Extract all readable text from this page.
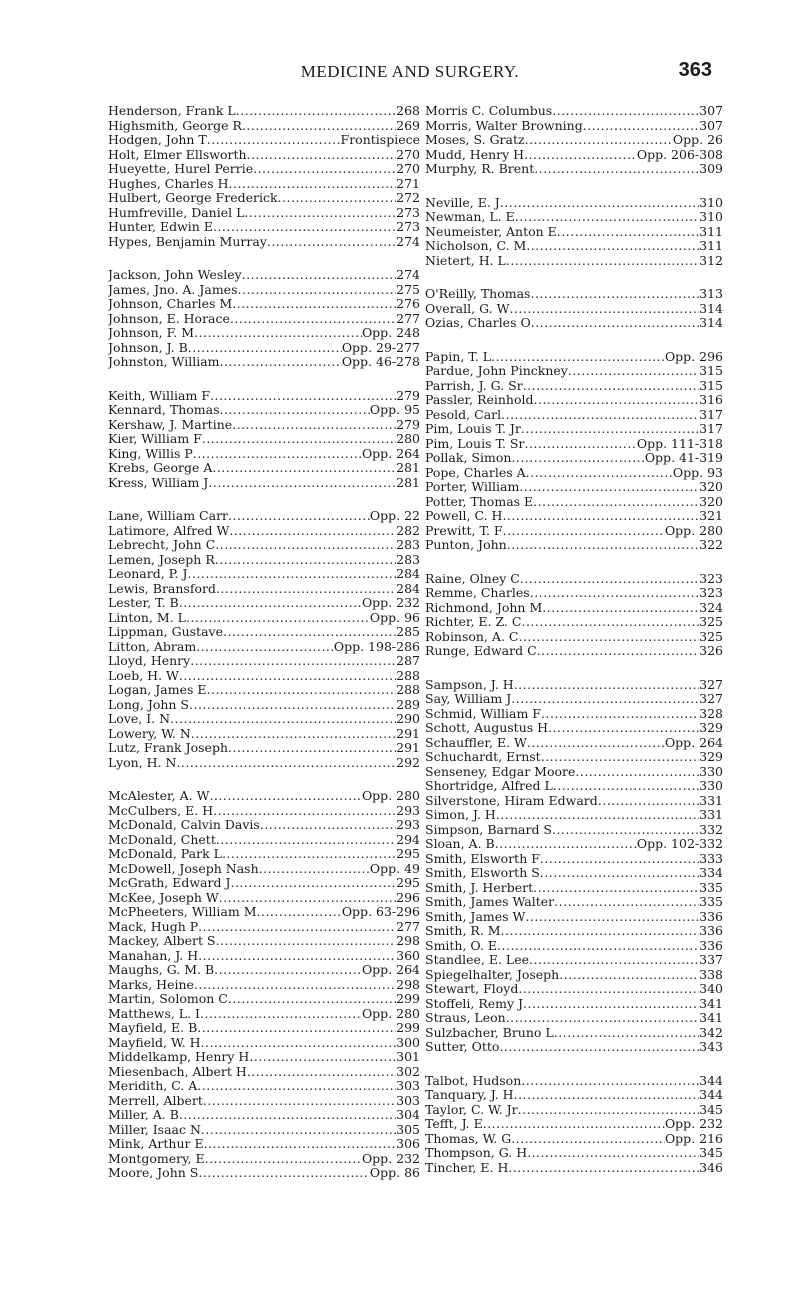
MEDICINE AND SURGERY.	363
Henderson, Frank L .....	268
Highsmith, George R .....	269
Hodgen, John T .....	Frontispiece
Holt, Elmer Ellsworth .....	270
Hueyette, Hurel Perrie .....	270
Hughes, Charles H .....	271
Hulbert, George Frederick .....	272
Humfreville, Daniel L .....	273
Hunter, Edwin E .....	273
Hypes, Benjamin Murray .....	274
Jackson, John Wesley .....	274
James, Jno. A. James .....	275
Johnson, Charles M .....	276
Johnson, E. Horace .....	277
Johnson, F. M .....	Opp. 248
Johnson, J. B .....	Opp. 29-277
Johnston, William .....	Opp. 46-278
Keith, William F .....	279
Kennard, Thomas .....	Opp. 95
Kershaw, J. Martine .....	279
Kier, William F .....	280
King, Willis P .....	Opp. 264
Krebs, George A .....	281
Kress, William J .....	281
Lane, William Carr .....	Opp. 22
Latimore, Alfred W .....	282
Lebrecht, John C .....	283
Lemen, Joseph R .....	283
Leonard, P. J .....	284
Lewis, Bransford .....	284
Lester, T. B .....	Opp. 232
Linton, M. L .....	Opp. 96
Lippman, Gustave .....	285
Litton, Abram .....	Opp. 198-286
Lloyd, Henry .....	287
Loeb, H. W .....	288
Logan, James E .....	288
Long, John S .....	289
Love, I. N .....	290
Lowery, W. N .....	291
Lutz, Frank Joseph .....	291
Lyon, H. N .....	292
McAlester, A. W .....	Opp. 280
McCulbers, E. H .....	293
McDonald, Calvin Davis .....	293
McDonald, Chett .....	294
McDonald, Park L .....	295
McDowell, Joseph Nash .....	Opp. 49
McGrath, Edward J .....	295
McKee, Joseph W .....	296
McPheeters, William M .....	Opp. 63-296
Mack, Hugh P .....	277
Mackey, Albert S .....	298
Manahan, J. H .....	360
Maughs, G. M. B .....	Opp. 264
Marks, Heine .....	298
Martin, Solomon C .....	299
Matthews, L. I .....	Opp. 280
Mayfield, E. B .....	299
Mayfield, W. H .....	300
Middelkamp, Henry H .....	301
Miesenbach, Albert H .....	302
Meridith, C. A .....	303
Merrell, Albert .....	303
Miller, A. B .....	304
Miller, Isaac N .....	305
Mink, Arthur E .....	306
Montgomery, E .....	Opp. 232
Moore, John S .....	Opp. 86
Morris C. Columbus .....	307
Morris, Walter Browning .....	307
Moses, S. Gratz .....	Opp. 26
Mudd, Henry H .....	Opp. 206-308
Murphy, R. Brent .....	309
Neville, E. J .....	310
Newman, L. E .....	310
Neumeister, Anton E .....	311
Nicholson, C. M .....	311
Nietert, H. L .....	312
O'Reilly, Thomas .....	313
Overall, G. W .....	314
Ozias, Charles O .....	314
Papin, T. L .....	Opp. 296
Pardue, John Pinckney .....	315
Parrish, J. G. Sr .....	315
Passler, Reinhold .....	316
Pesold, Carl .....	317
Pim, Louis T. Jr .....	317
Pim, Louis T. Sr .....	Opp. 111-318
Pollak, Simon .....	Opp. 41-319
Pope, Charles A .....	Opp. 93
Porter, William .....	320
Potter, Thomas E .....	320
Powell, C. H .....	321
Prewitt, T. F .....	Opp. 280
Punton, John .....	322
Raine, Olney C .....	323
Remme, Charles .....	323
Richmond, John M .....	324
Richter, E. Z. C .....	325
Robinson, A. C .....	325
Runge, Edward C .....	326
Sampson, J. H .....	327
Say, William J .....	327
Schmid, William F .....	328
Schott, Augustus H .....	329
Schauffler, E. W .....	Opp. 264
Schuchardt, Ernst .....	329
Senseney, Edgar Moore .....	330
Shortridge, Alfred L .....	330
Silverstone, Hiram Edward .....	331
Simon, J. H .....	331
Simpson, Barnard S .....	332
Sloan, A. B .....	Opp. 102-332
Smith, Elsworth F .....	333
Smith, Elsworth S .....	334
Smith, J. Herbert .....	335
Smith, James Walter .....	335
Smith, James W .....	336
Smith, R. M .....	336
Smith, O. E .....	336
Standlee, E. Lee .....	337
Spiegelhalter, Joseph .....	338
Stewart, Floyd .....	340
Stoffeli, Remy J .....	341
Straus, Leon .....	341
Sulzbacher, Bruno L .....	342
Sutter, Otto .....	343
Talbot, Hudson .....	344
Tanquary, J. H .....	344
Taylor, C. W. Jr .....	345
Tefft, J. E .....	Opp. 232
Thomas, W. G .....	Opp. 216
Thompson, G. H .....	345
Tincher, E. H .....	346
